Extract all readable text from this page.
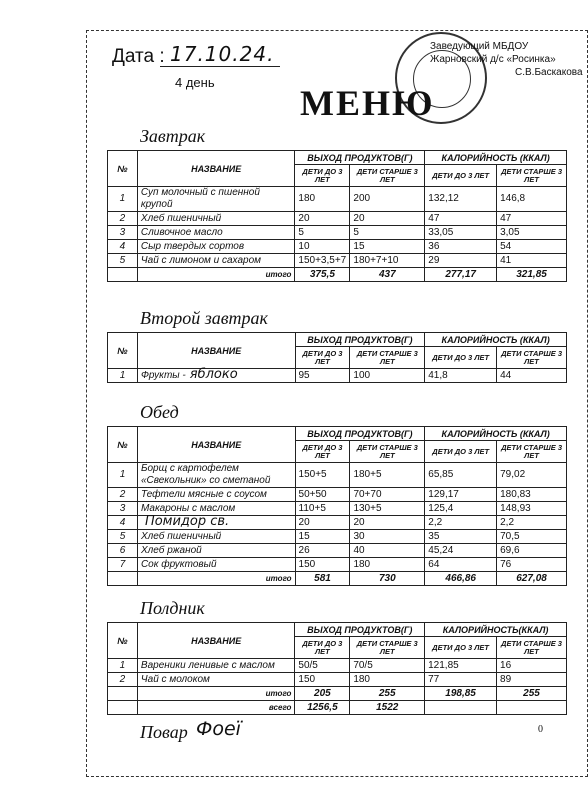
Дата : 17.10.24.
4 день
МЕНЮ
Заведующий МБДОУ
Жарновский д/с «Росинка»
С.В.Баскакова
Завтрак
№	НАЗВАНИЕ	ВЫХОД ПРОДУКТОВ(Г)		КАЛОРИЙНОСТЬ (ККАЛ)	
		ДЕТИ ДО 3 ЛЕТ	ДЕТИ СТАРШЕ 3 ЛЕТ	ДЕТИ ДО 3 ЛЕТ	ДЕТИ СТАРШЕ 3 ЛЕТ
1	Суп молочный с пшенной крупой	180	200	132,12	146,8
2	Хлеб пшеничный	20	20	47	47
3	Сливочное масло	5	5	33,05	3,05
4	Сыр твердых сортов	10	15	36	54
5	Чай с лимоном и сахаром	150+3,5+7	180+7+10	29	41
	итого	375,5	437	277,17	321,85
Второй завтрак
№	НАЗВАНИЕ	ВЫХОД ПРОДУКТОВ(Г)		КАЛОРИЙНОСТЬ (ККАЛ)	
		ДЕТИ ДО 3 ЛЕТ	ДЕТИ СТАРШЕ 3 ЛЕТ	ДЕТИ ДО 3 ЛЕТ	ДЕТИ СТАРШЕ 3 ЛЕТ
1	Фрукты - яблоко	95	100	41,8	44
Обед
№	НАЗВАНИЕ	ВЫХОД ПРОДУКТОВ(Г)		КАЛОРИЙНОСТЬ (ККАЛ)	
		ДЕТИ ДО 3 ЛЕТ	ДЕТИ СТАРШЕ 3 ЛЕТ	ДЕТИ ДО 3 ЛЕТ	ДЕТИ СТАРШЕ 3 ЛЕТ
1	Борщ с картофелем «Свекольник» со сметаной	150+5	180+5	65,85	79,02
2	Тефтели мясные с соусом	50+50	70+70	129,17	180,83
3	Макароны с маслом	110+5	130+5	125,4	148,93
4	Помидор св.	20	20	2,2	2,2
5	Хлеб пшеничный	15	30	35	70,5
6	Хлеб ржаной	26	40	45,24	69,6
7	Сок фруктовый	150	180	64	76
	итого	581	730	466,86	627,08
Полдник
№	НАЗВАНИЕ	ВЫХОД ПРОДУКТОВ(Г)		КАЛОРИЙНОСТЬ(ККАЛ)	
		ДЕТИ ДО 3 ЛЕТ	ДЕТИ СТАРШЕ 3 ЛЕТ	ДЕТИ ДО 3 ЛЕТ	ДЕТИ СТАРШЕ 3 ЛЕТ
1	Вареники ленивые с маслом	50/5	70/5	121,85	16
2	Чай с молоком	150	180	77	89
	итого	205	255	198,85	255
	всего	1256,5	1522		
Повар Фоеї	0
